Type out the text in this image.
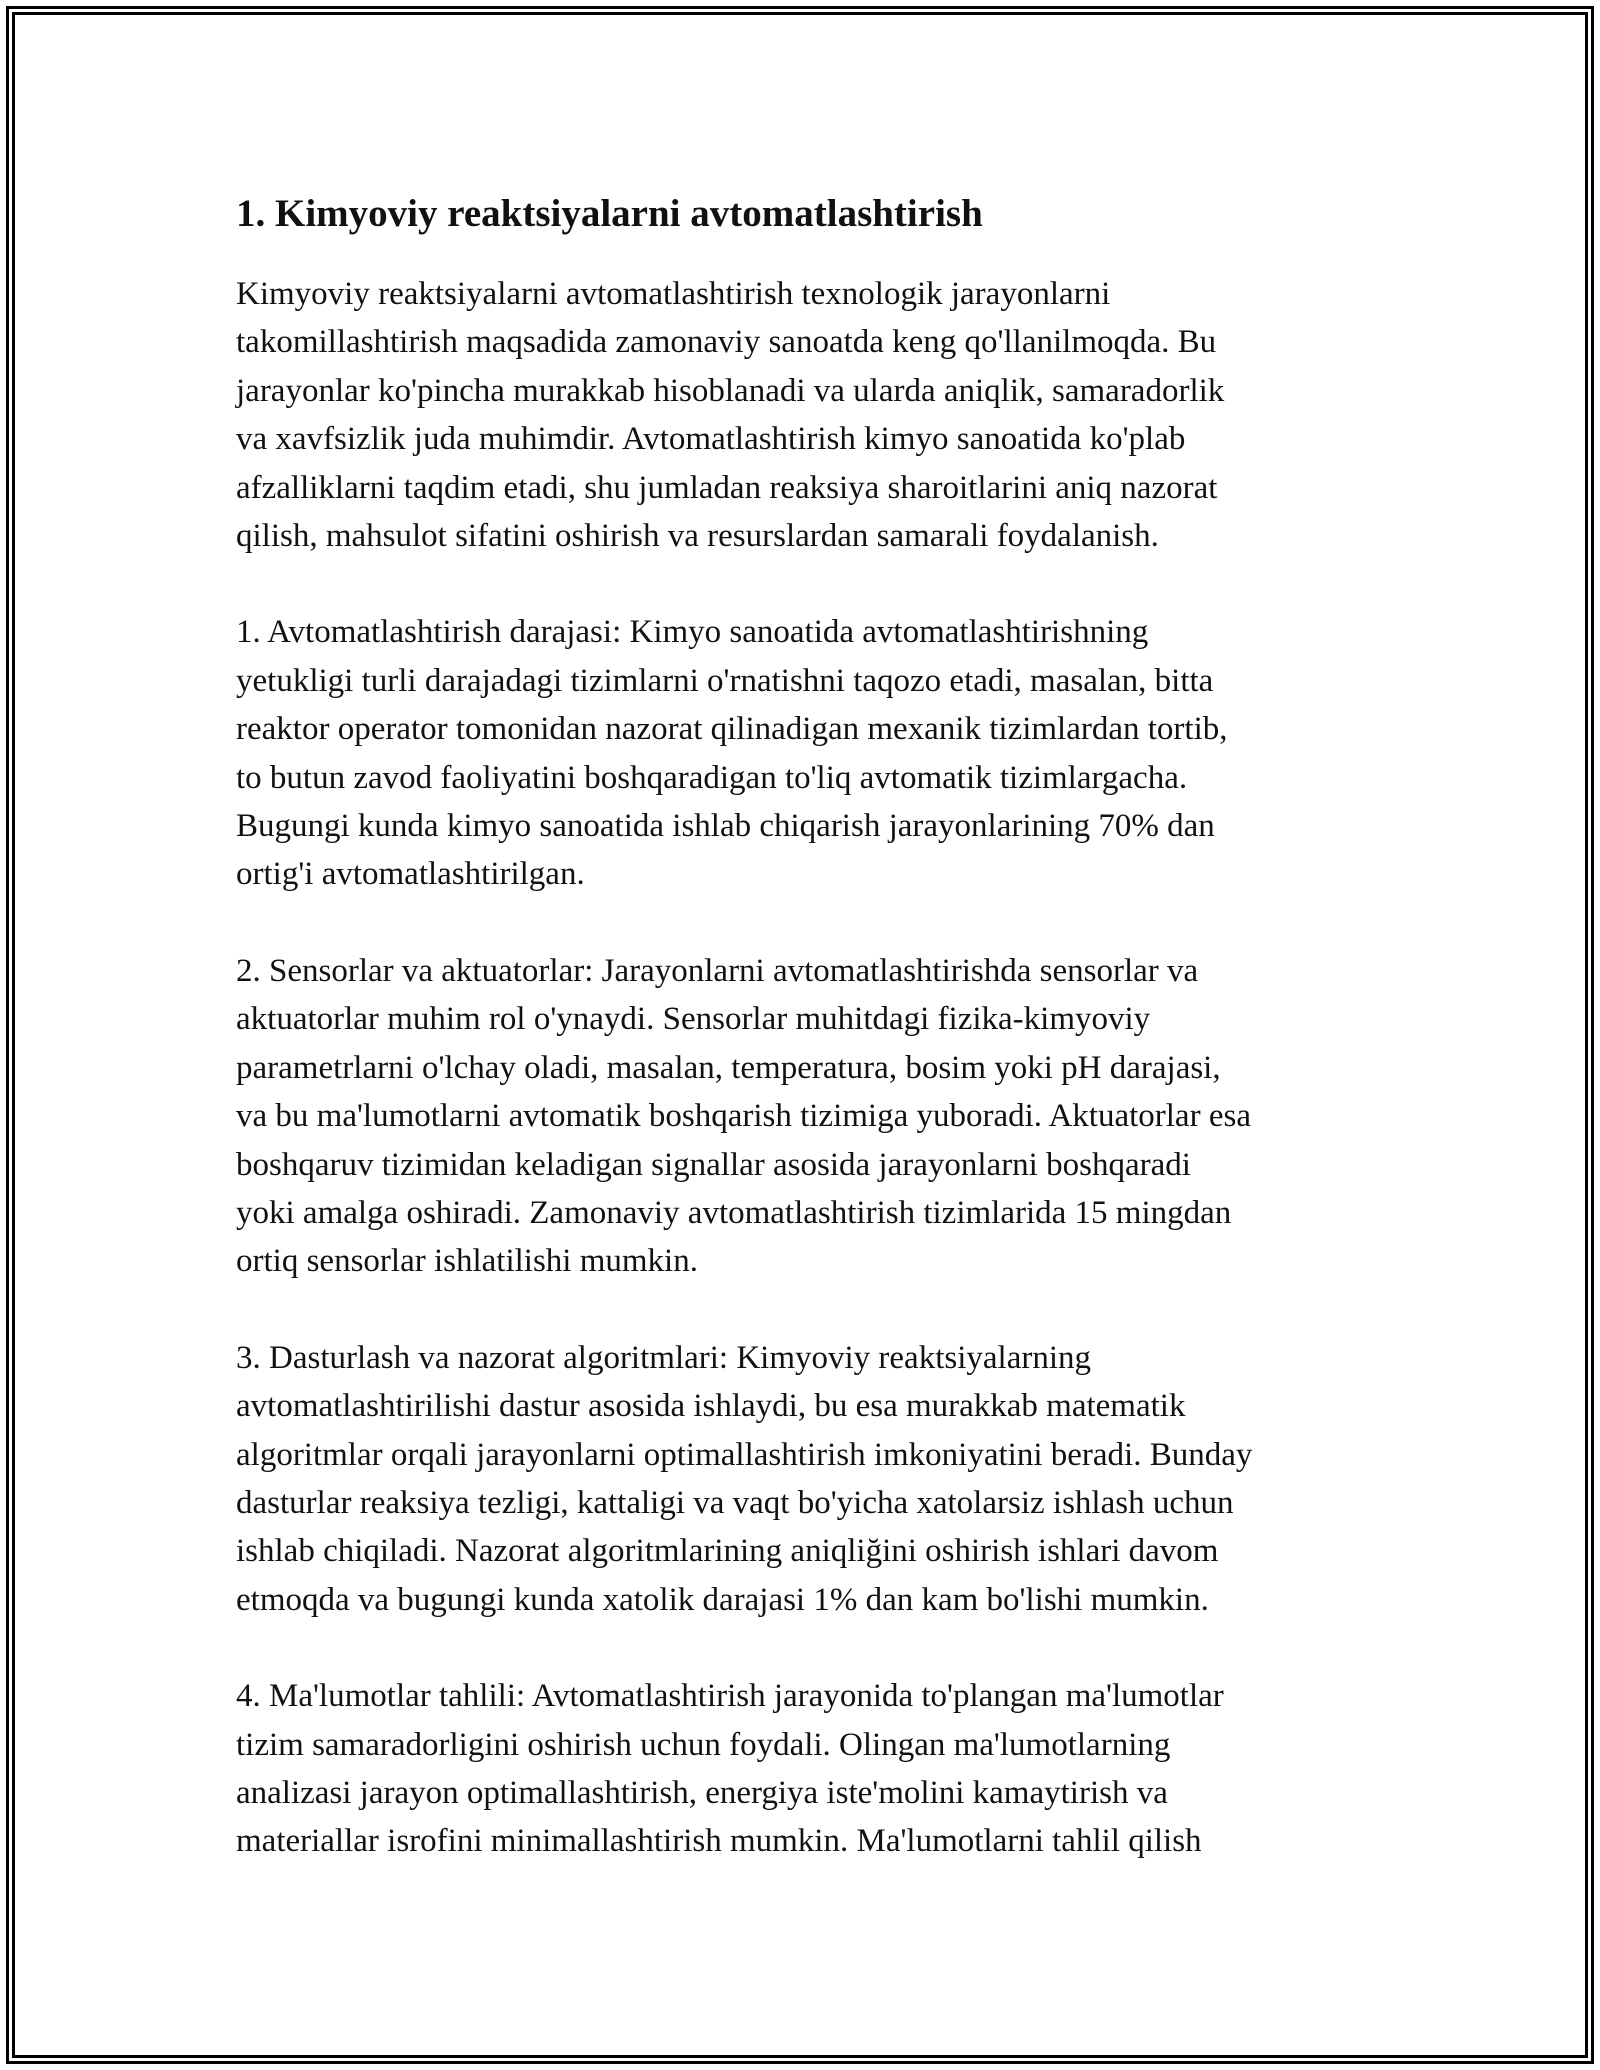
1. Kimyoviy reaktsiyalarni avtomatlashtirish

Kimyoviy reaktsiyalarni avtomatlashtirish texnologik jarayonlarni
takomillashtirish maqsadida zamonaviy sanoatda keng qo'llanilmoqda. Bu
jarayonlar ko'pincha murakkab hisoblanadi va ularda aniqlik, samaradorlik
va xavfsizlik juda muhimdir. Avtomatlashtirish kimyo sanoatida ko'plab
afzalliklarni taqdim etadi, shu jumladan reaksiya sharoitlarini aniq nazorat
qilish, mahsulot sifatini oshirish va resurslardan samarali foydalanish.

1. Avtomatlashtirish darajasi: Kimyo sanoatida avtomatlashtirishning
yetukligi turli darajadagi tizimlarni o'rnatishni taqozo etadi, masalan, bitta
reaktor operator tomonidan nazorat qilinadigan mexanik tizimlardan tortib,
to butun zavod faoliyatini boshqaradigan to'liq avtomatik tizimlargacha.
Bugungi kunda kimyo sanoatida ishlab chiqarish jarayonlarining 70% dan
ortig'i avtomatlashtirilgan.

2. Sensorlar va aktuatorlar: Jarayonlarni avtomatlashtirishda sensorlar va
aktuatorlar muhim rol o'ynaydi. Sensorlar muhitdagi fizika-kimyoviy
parametrlarni o'lchay oladi, masalan, temperatura, bosim yoki pH darajasi,
va bu ma'lumotlarni avtomatik boshqarish tizimiga yuboradi. Aktuatorlar esa
boshqaruv tizimidan keladigan signallar asosida jarayonlarni boshqaradi
yoki amalga oshiradi. Zamonaviy avtomatlashtirish tizimlarida 15 mingdan
ortiq sensorlar ishlatilishi mumkin.

3. Dasturlash va nazorat algoritmlari: Kimyoviy reaktsiyalarning
avtomatlashtirilishi dastur asosida ishlaydi, bu esa murakkab matematik
algoritmlar orqali jarayonlarni optimallashtirish imkoniyatini beradi. Bunday
dasturlar reaksiya tezligi, kattaligi va vaqt bo'yicha xatolarsiz ishlash uchun
ishlab chiqiladi. Nazorat algoritmlarining aniqliğini oshirish ishlari davom
etmoqda va bugungi kunda xatolik darajasi 1% dan kam bo'lishi mumkin.

4. Ma'lumotlar tahlili: Avtomatlashtirish jarayonida to'plangan ma'lumotlar
tizim samaradorligini oshirish uchun foydali. Olingan ma'lumotlarning
analizasi jarayon optimallashtirish, energiya iste'molini kamaytirish va
materiallar isrofini minimallashtirish mumkin. Ma'lumotlarni tahlil qilish
